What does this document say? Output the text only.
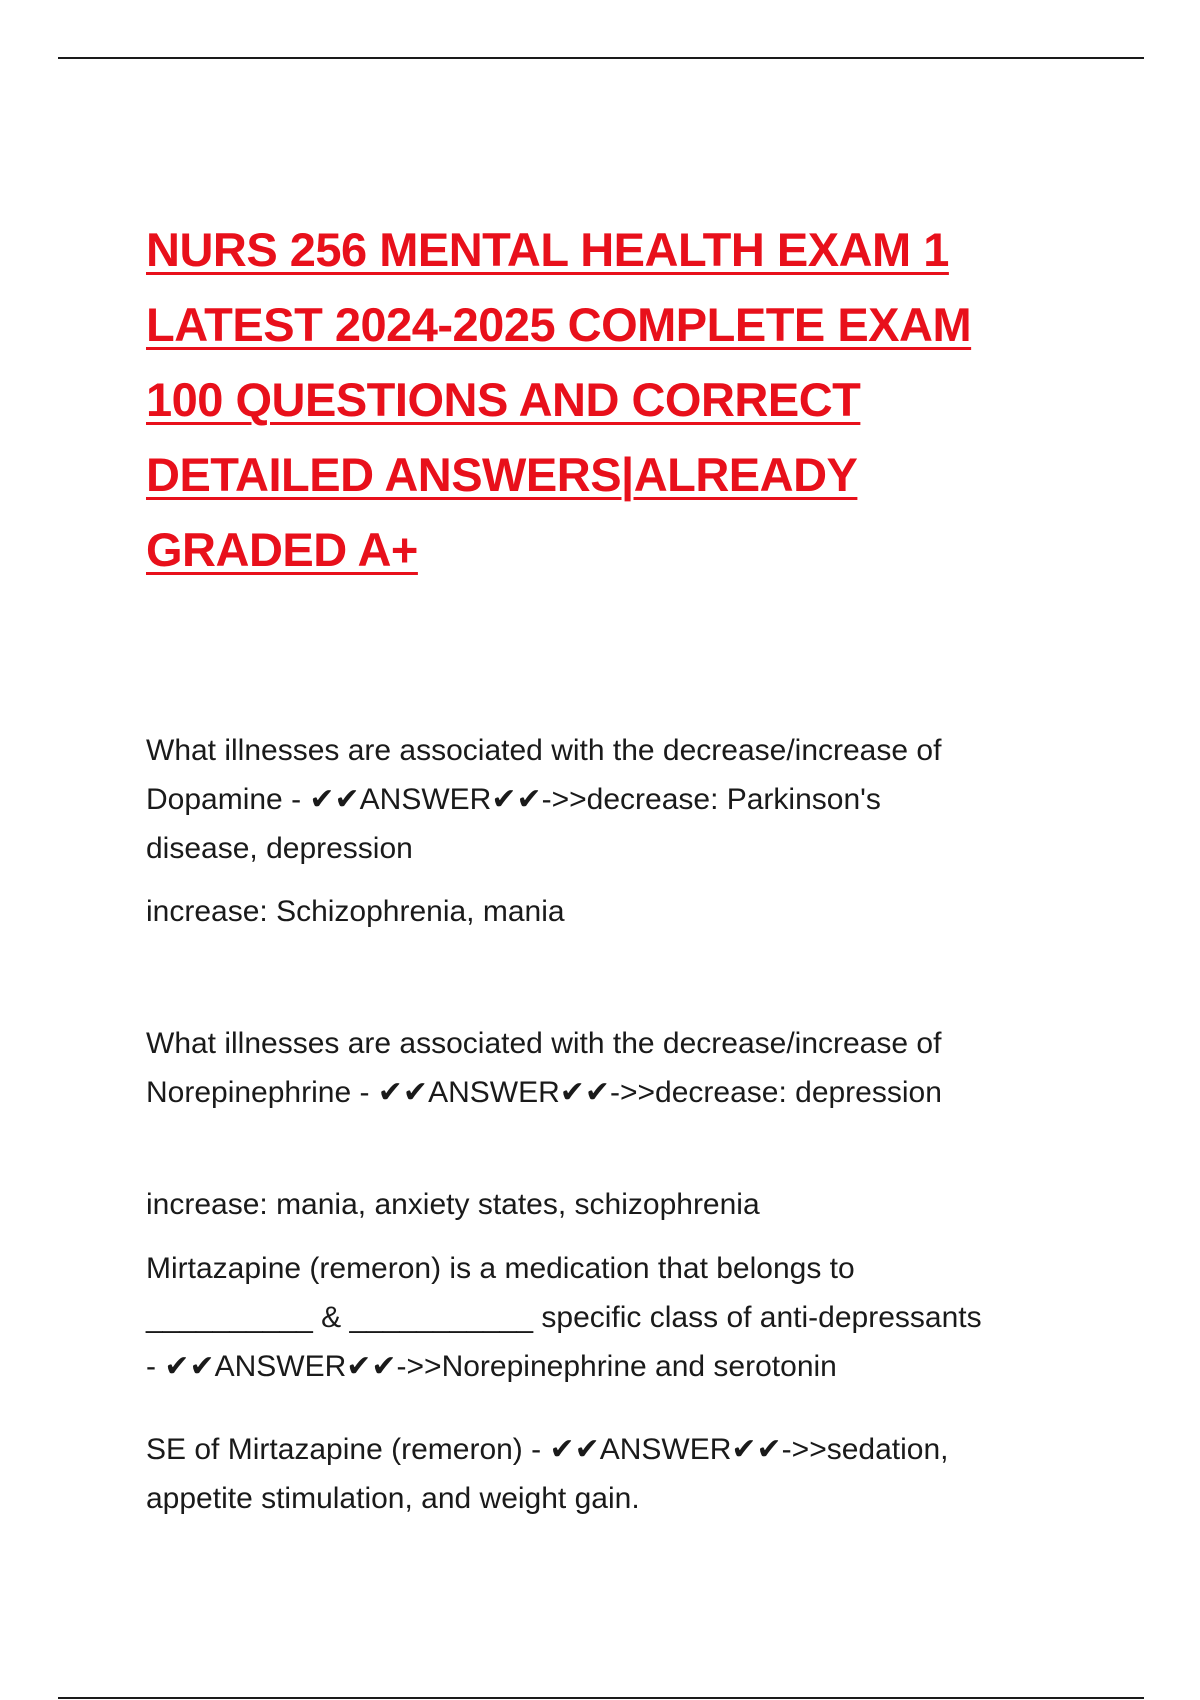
NURS 256 MENTAL HEALTH EXAM 1
LATEST 2024-2025 COMPLETE EXAM
100 QUESTIONS AND CORRECT
DETAILED ANSWERS|ALREADY
GRADED A+

What illnesses are associated with the decrease/increase of
Dopamine - ✔✔ANSWER✔✔->>decrease: Parkinson's
disease, depression

increase: Schizophrenia, mania

What illnesses are associated with the decrease/increase of
Norepinephrine - ✔✔ANSWER✔✔->>decrease: depression

increase: mania, anxiety states, schizophrenia

Mirtazapine (remeron) is a medication that belongs to
__________ & ___________ specific class of anti-depressants
- ✔✔ANSWER✔✔->>Norepinephrine and serotonin

SE of Mirtazapine (remeron) - ✔✔ANSWER✔✔->>sedation,
appetite stimulation, and weight gain.
